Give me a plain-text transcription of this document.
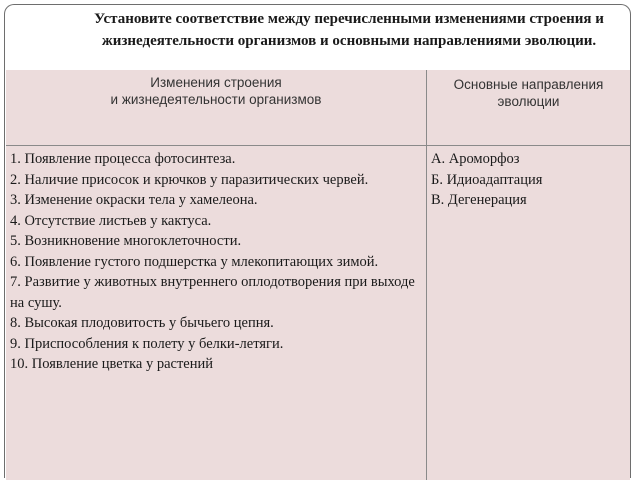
Установите соответствие между перечисленными изменениями строения и жизнедеятельности организмов и основными направлениями эволюции.
Изменения строения
и жизнедеятельности организмов
Основные направления
эволюции
1. Появление процесса фотосинтеза.
2. Наличие присосок и крючков у паразитических червей.
3. Изменение окраски тела у хамелеона.
4. Отсутствие листьев у кактуса.
5. Возникновение многоклеточности.
6. Появление густого подшерстка у млекопитающих зимой.
7. Развитие у животных внутреннего оплодотворения при выходе на сушу.
8. Высокая плодовитость у бычьего цепня.
9. Приспособления к полету у белки-летяги.
10. Появление цветка у растений
А. Ароморфоз
Б. Идиоадаптация
В. Дегенерация
